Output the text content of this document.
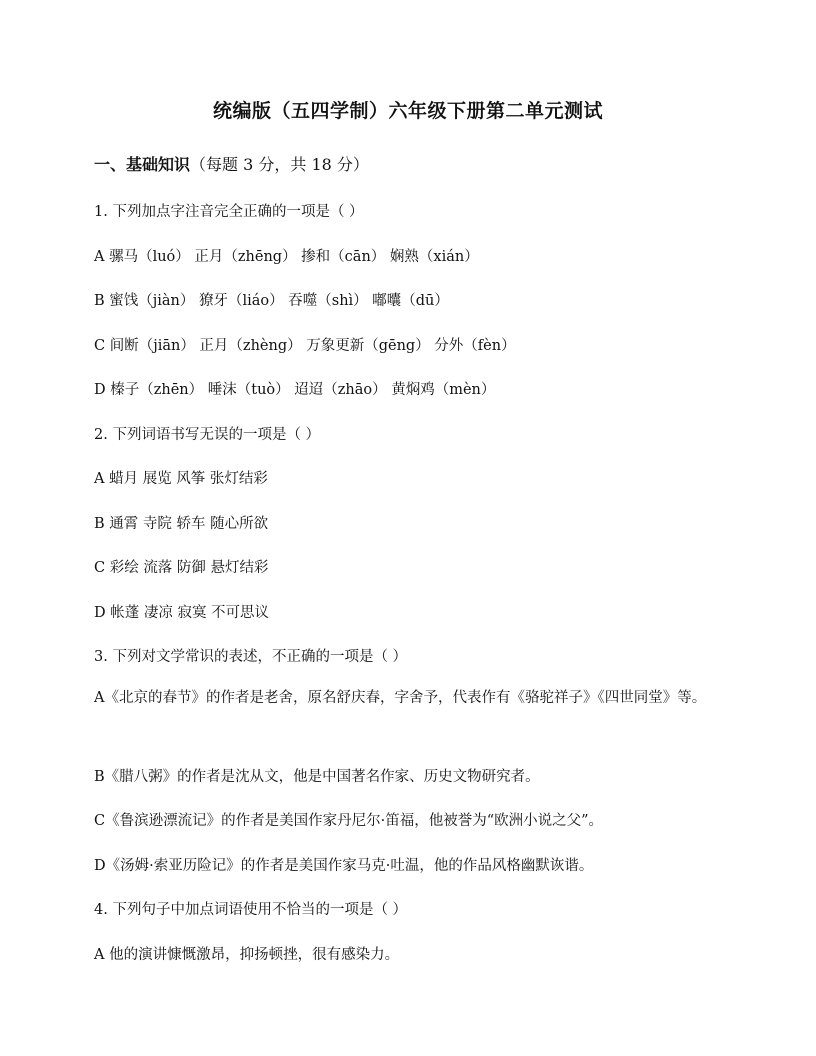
统编版（五四学制）六年级下册第二单元测试
一、基础知识（每题 3 分，共 18 分）
1. 下列加点字注音完全正确的一项是（ ）
A 骡马（luó） 正月（zhēng） 掺和（cān） 娴熟（xián）
B 蜜饯（jiàn） 獠牙（liáo） 吞噬（shì） 嘟囔（dū）
C 间断（jiān） 正月（zhèng） 万象更新（gēng） 分外（fèn）
D 榛子（zhēn） 唾沫（tuò） 迢迢（zhāo） 黄焖鸡（mèn）
2. 下列词语书写无误的一项是（ ）
A 蜡月 展览 风筝 张灯结彩
B 通霄 寺院 轿车 随心所欲
C 彩绘 流落 防御 悬灯结彩
D 帐蓬 凄凉 寂寞 不可思议
3. 下列对文学常识的表述，不正确的一项是（ ）
A《北京的春节》的作者是老舍，原名舒庆春，字舍予，代表作有《骆驼祥子》《四世同堂》等。
B《腊八粥》的作者是沈从文，他是中国著名作家、历史文物研究者。
C《鲁滨逊漂流记》的作者是美国作家丹尼尔·笛福，他被誉为“欧洲小说之父”。
D《汤姆·索亚历险记》的作者是美国作家马克·吐温，他的作品风格幽默诙谐。
4. 下列句子中加点词语使用不恰当的一项是（ ）
A 他的演讲慷慨激昂，抑扬顿挫，很有感染力。
